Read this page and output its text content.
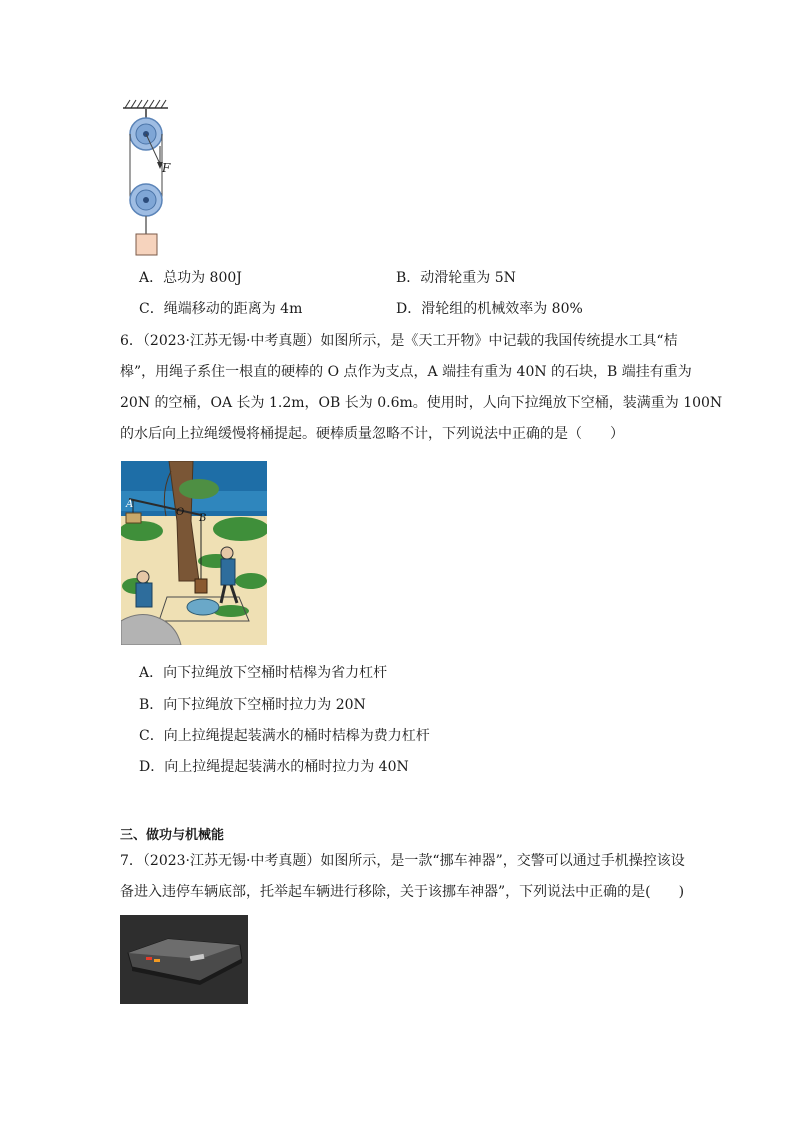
F
A．总功为 800J	B．动滑轮重为 5N
C．绳端移动的距离为 4m	D．滑轮组的机械效率为 80%
6．（2023·江苏无锡·中考真题）如图所示，是《天工开物》中记载的我国传统提水工具“桔
槔”，用绳子系住一根直的硬棒的 O 点作为支点，A 端挂有重为 40N 的石块，B 端挂有重为
20N 的空桶，OA 长为 1.2m，OB 长为 0.6m。使用时，人向下拉绳放下空桶，装满重为 100N
的水后向上拉绳缓慢将桶提起。硬棒质量忽略不计，下列说法中正确的是（　　）
A
O
B
A．向下拉绳放下空桶时桔槔为省力杠杆
B．向下拉绳放下空桶时拉力为 20N
C．向上拉绳提起装满水的桶时桔槔为费力杠杆
D．向上拉绳提起装满水的桶时拉力为 40N
三、做功与机械能
7．（2023·江苏无锡·中考真题）如图所示，是一款“挪车神器”，交警可以通过手机操控该设
备进入违停车辆底部，托举起车辆进行移除，关于该挪车神器”，下列说法中正确的是(　　)
